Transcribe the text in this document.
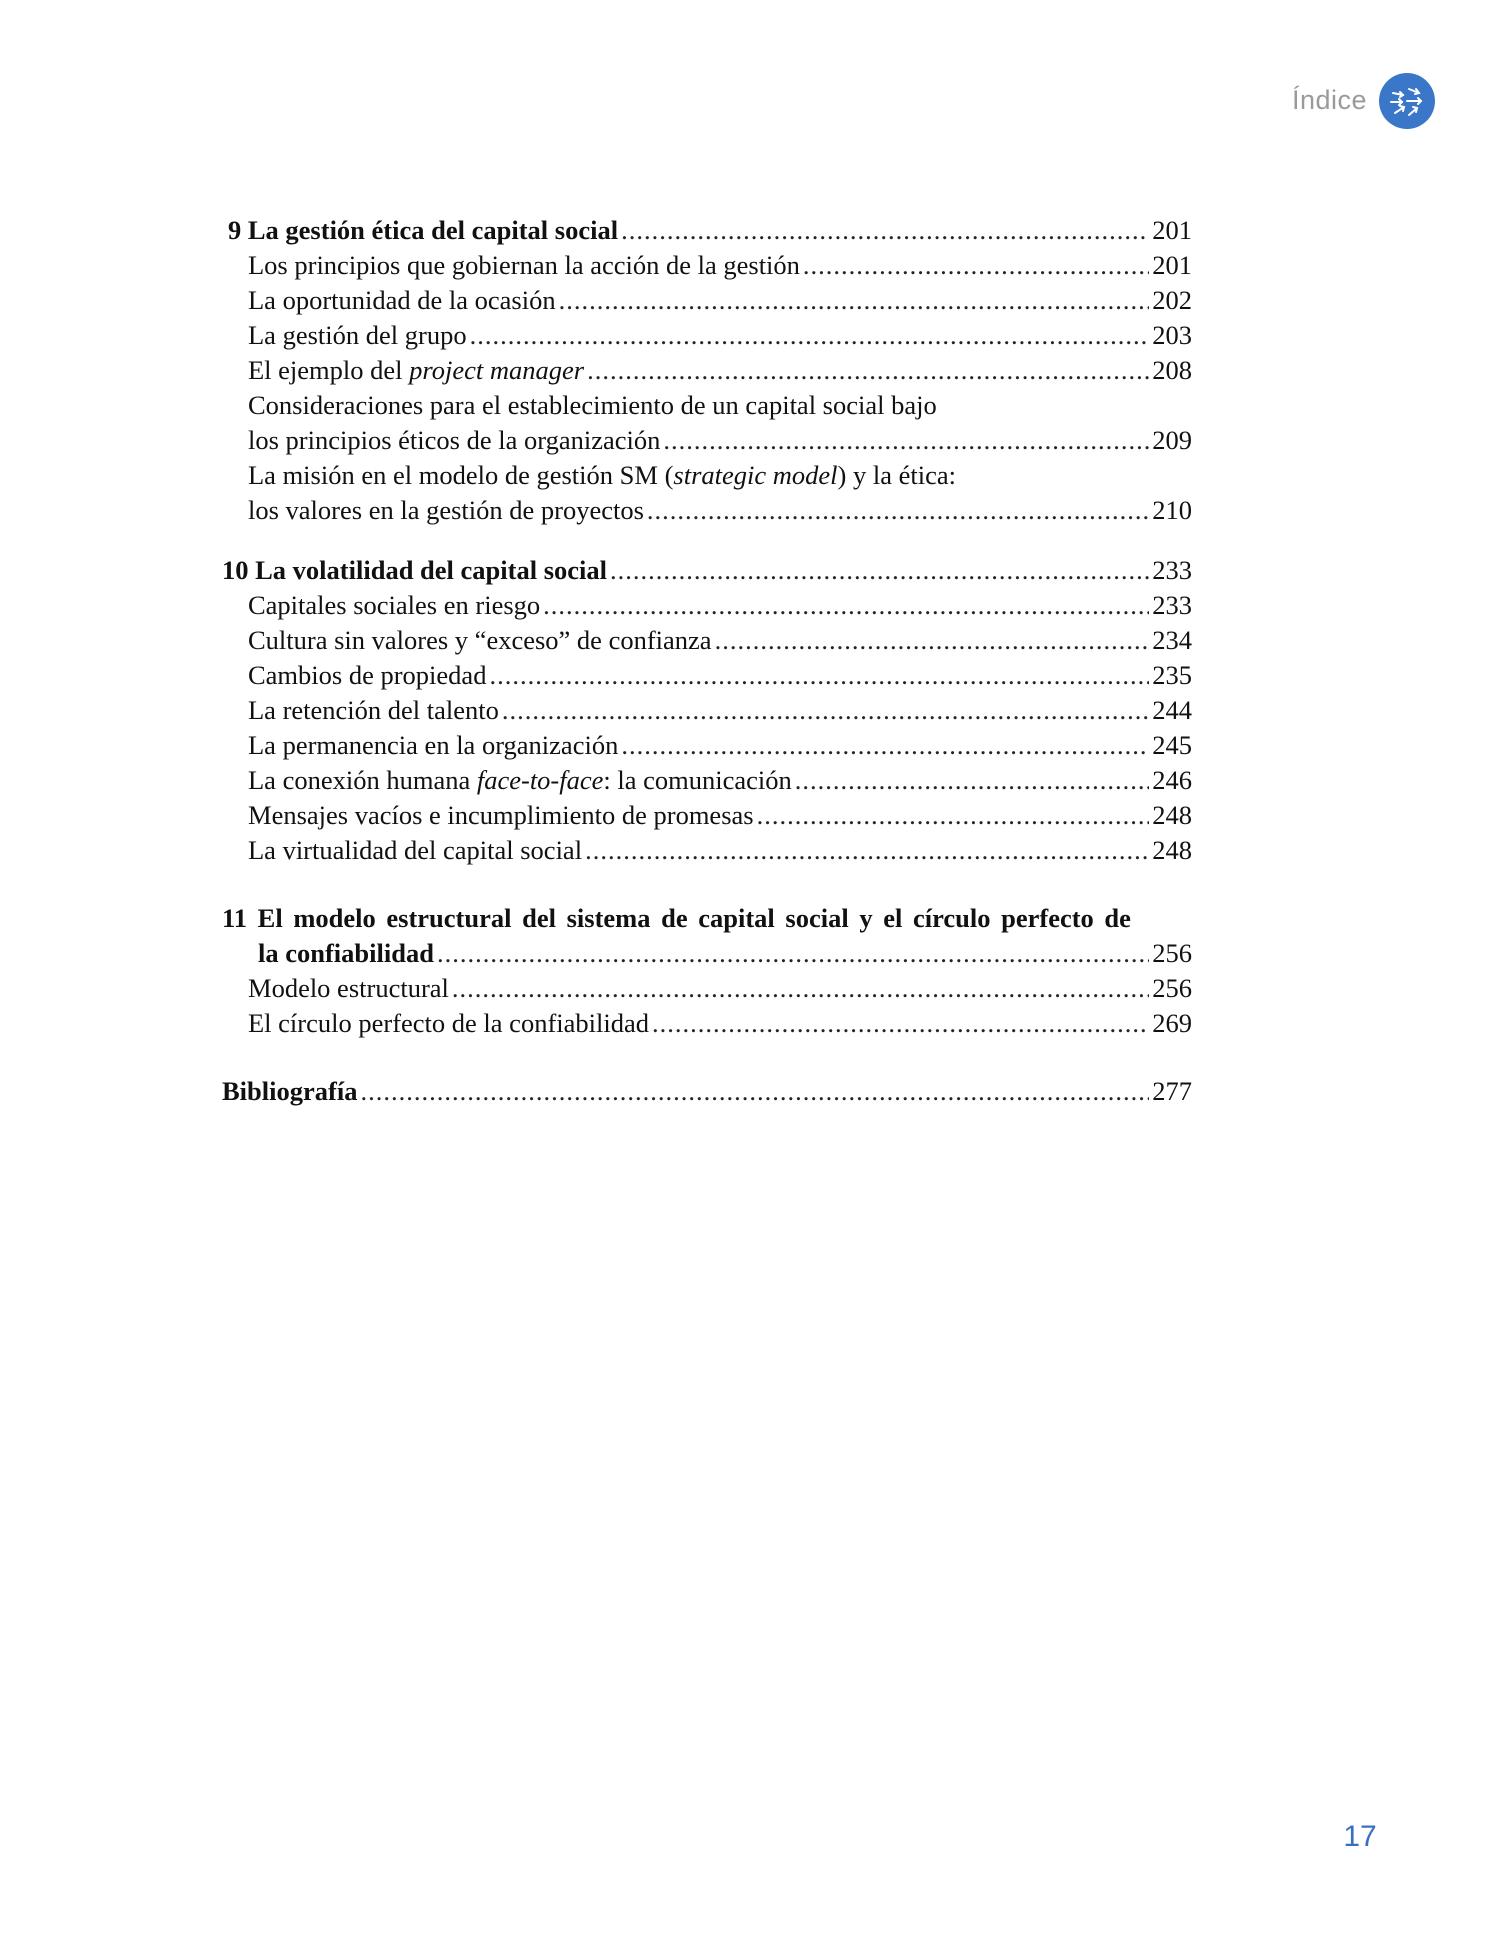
Índice
9 La gestión ética del capital social .....	201
Los principios que gobiernan la acción de la gestión .....	201
La oportunidad de la ocasión .....	202
La gestión del grupo .....	203
El ejemplo del project manager .....	208
Consideraciones para el establecimiento de un capital social bajo
los principios éticos de la organización .....	209
La misión en el modelo de gestión SM (strategic model) y la ética:
los valores en la gestión de proyectos .....	210
10 La volatilidad del capital social .....	233
Capitales sociales en riesgo .....	233
Cultura sin valores y “exceso” de confianza .....	234
Cambios de propiedad .....	235
La retención del talento .....	244
La permanencia en la organización .....	245
La conexión humana face-to-face: la comunicación .....	246
Mensajes vacíos e incumplimiento de promesas .....	248
La virtualidad del capital social .....	248
11 El modelo estructural del sistema de capital social y el círculo perfecto de
la confiabilidad .....	256
Modelo estructural .....	256
El círculo perfecto de la confiabilidad .....	269
Bibliografía .....	277
17
